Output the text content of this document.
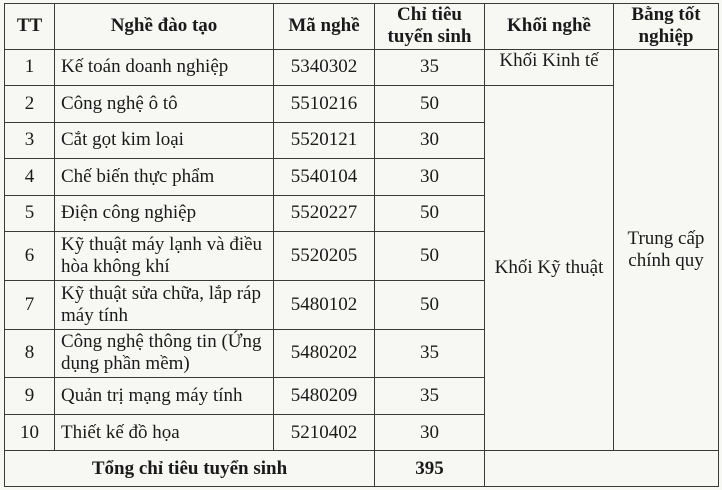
TT	Nghề đào tạo	Mã nghề	Chỉ tiêu tuyển sinh	Khối nghề	Bằng tốt nghiệp
1	Kế toán doanh nghiệp	5340302	35	Khối Kinh tế	Trung cấp chính quy
2	Công nghệ ô tô	5510216	50	Khối Kỹ thuật	
3	Cắt gọt kim loại	5520121	30		
4	Chế biến thực phẩm	5540104	30		
5	Điện công nghiệp	5520227	50		
6	Kỹ thuật máy lạnh và điều hòa không khí	5520205	50		
7	Kỹ thuật sửa chữa, lắp ráp máy tính	5480102	50		
8	Công nghệ thông tin (Ứng dụng phần mềm)	5480202	35		
9	Quản trị mạng máy tính	5480209	35		
10	Thiết kế đồ họa	5210402	30		
Tổng chỉ tiêu tuyển sinh			395		
